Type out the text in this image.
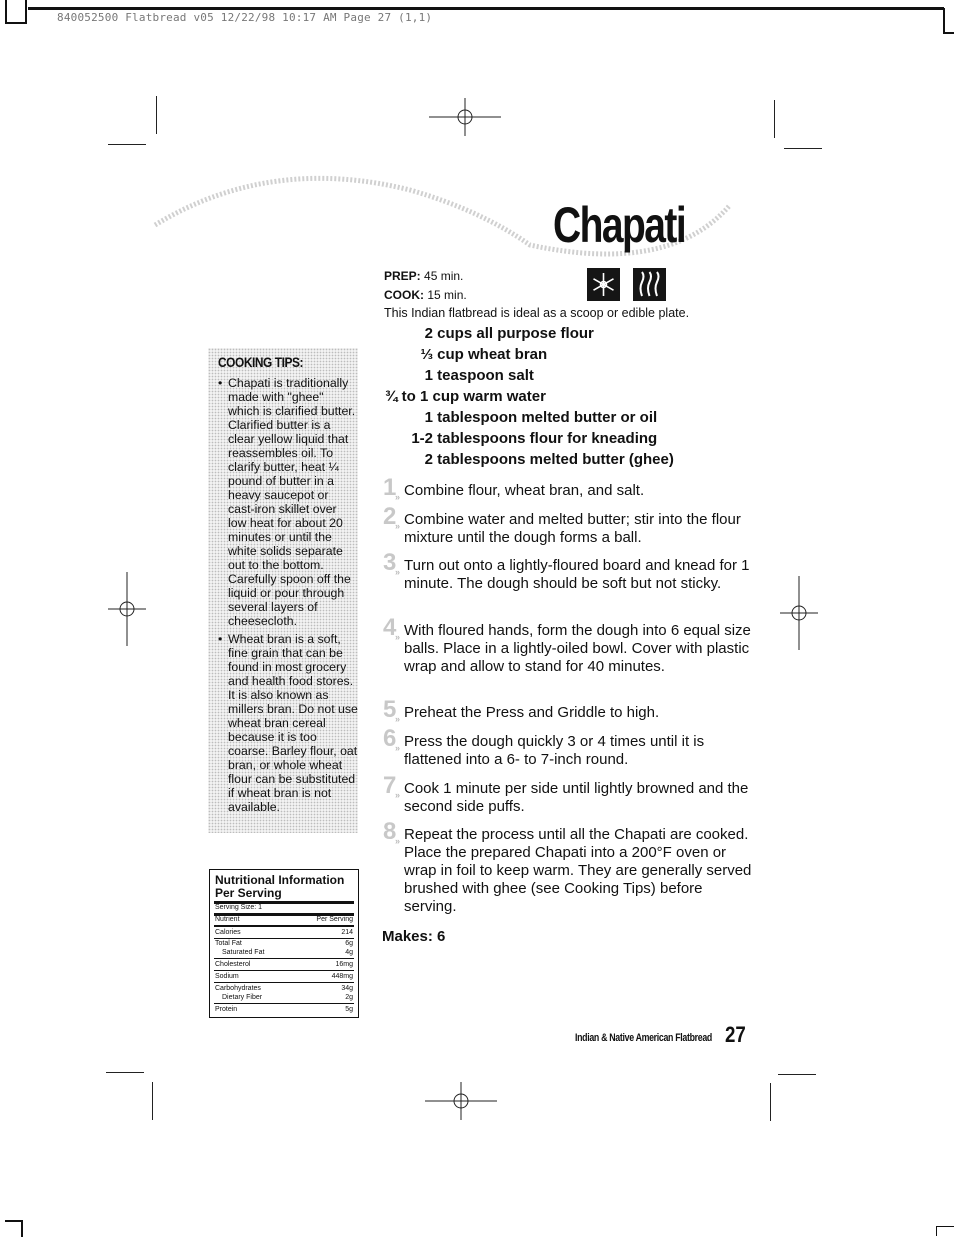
840052500 Flatbread v05 12/22/98 10:17 AM Page 27 (1,1)
Chapati
PREP: 45 min.
COOK: 15 min.
This Indian flatbread is ideal as a scoop or edible plate.
2 cups all purpose flour
⅓ cup wheat bran
1 teaspoon salt
¾ to 1 cup warm water
1 tablespoon melted butter or oil
1-2 tablespoons flour for kneading
2 tablespoons melted butter (ghee)
1 » Combine flour, wheat bran, and salt.
2 » Combine water and melted butter; stir into the flour mixture until the dough forms a ball.
3 » Turn out onto a lightly-floured board and knead for 1 minute. The dough should be soft but not sticky.
4 » With floured hands, form the dough into 6 equal size balls. Place in a lightly-oiled bowl. Cover with plastic wrap and allow to stand for 40 minutes.
5 » Preheat the Press and Griddle to high.
6 » Press the dough quickly 3 or 4 times until it is flattened into a 6- to 7-inch round.
7 » Cook 1 minute per side until lightly browned and the second side puffs.
8 » Repeat the process until all the Chapati are cooked. Place the prepared Chapati into a 200°F oven or wrap in foil to keep warm. They are generally served brushed with ghee (see Cooking Tips) before serving.
Makes: 6
COOKING TIPS:
• Chapati is traditionally made with "ghee" which is clarified butter. Clarified butter is a clear yellow liquid that reassembles oil. To clarify butter, heat ¼ pound of butter in a heavy saucepot or cast-iron skillet over low heat for about 20 minutes or until the white solids separate out to the bottom. Carefully spoon off the liquid or pour through several layers of cheesecloth.
• Wheat bran is a soft, fine grain that can be found in most grocery and health food stores. It is also known as millers bran. Do not use wheat bran cereal because it is too coarse. Barley flour, oat bran, or whole wheat flour can be substituted if wheat bran is not available.
Nutritional Information Per Serving
Serving Size: 1
Nutrient	Per Serving
Calories	214
Total Fat	6g
Saturated Fat	4g
Cholesterol	16mg
Sodium	448mg
Carbohydrates	34g
Dietary Fiber	2g
Protein	5g
Indian & Native American Flatbread 27
